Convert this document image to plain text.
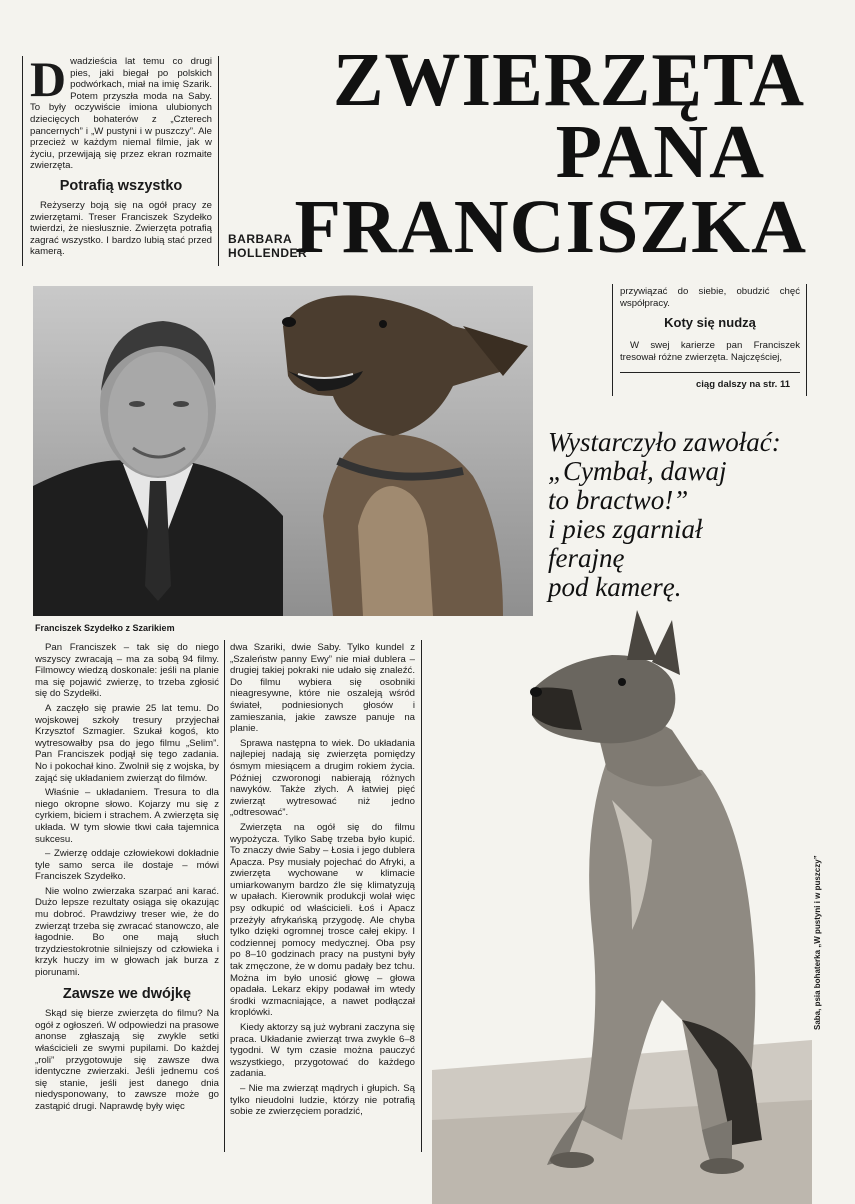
D wadzieścia lat temu co drugi pies, jaki biegał po polskich podwórkach, miał na imię Szarik. Potem przyszła moda na Saby. To były oczywiście imiona ulubionych dziecięcych bohaterów z „Czterech pancernych” i „W pustyni i w puszczy”. Ale przecież w każdym niemal filmie, jak w życiu, przewijają się przez ekran rozmaite zwierzęta.
Potrafią wszystko

Reżyserzy boją się na ogół pracy ze zwierzętami. Treser Franciszek Szydełko twierdzi, że niesłusznie. Zwierzęta potrafią zagrać wszystko. I bardzo lubią stać przed kamerą.

BARBARA
HOLLENDER
ZWIERZĘTA
PANA
FRANCISZKA
Franciszek Szydełko z Szarikiem
przywiązać do siebie, obudzić chęć współpracy.
Koty się nudzą
W swej karierze pan Franciszek tresował różne zwierzęta. Najczęściej,
ciąg dalszy na str. 11
Wystarczyło zawołać:
„Cymbał, dawaj
to bractwo!”
i pies zgarniał
ferajnę
pod kamerę.

Pan Franciszek – tak się do niego wszyscy zwracają – ma za sobą 94 filmy. Filmowcy wiedzą doskonale: jeśli na planie ma się pojawić zwierzę, to trzeba zgłosić się do Szydełki.

A zaczęło się prawie 25 lat temu. Do wojskowej szkoły tresury przyjechał Krzysztof Szmagier. Szukał kogoś, kto wytresowałby psa do jego filmu „Selim”. Pan Franciszek podjął się tego zadania. No i pokochał kino. Zwolnił się z wojska, by zająć się układaniem zwierząt do filmów.

Właśnie – układaniem. Tresura to dla niego okropne słowo. Kojarzy mu się z cyrkiem, biciem i strachem. A zwierzęta się układa. W tym słowie tkwi cała tajemnica sukcesu.

– Zwierzę oddaje człowiekowi dokładnie tyle samo serca ile dostaje – mówi Franciszek Szydełko.

Nie wolno zwierzaka szarpać ani karać. Dużo lepsze rezultaty osiąga się okazując mu dobroć. Prawdziwy treser wie, że do zwierząt trzeba się zwracać stanowczo, ale łagodnie. Bo one mają słuch trzydziestokrotnie silniejszy od człowieka i krzyk huczy im w głowach jak burza z piorunami.

Zawsze we dwójkę

Skąd się bierze zwierzęta do filmu? Na ogół z ogłoszeń. W odpowiedzi na prasowe anonse zgłaszają się zwykle setki właścicieli ze swymi pupilami. Do każdej „roli” przygotowuje się zawsze dwa identyczne zwierzaki. Jeśli jednemu coś się stanie, jeśli jest danego dnia niedysponowany, to zawsze może go zastąpić drugi. Naprawdę były więc

dwa Szariki, dwie Saby. Tylko kundel z „Szaleństw panny Ewy” nie miał dublera – drugiej takiej pokraki nie udało się znaleźć. Do filmu wybiera się osobniki nieagresywne, które nie oszaleją wśród świateł, podniesionych głosów i zamieszania, jakie zawsze panuje na planie.

Sprawa następna to wiek. Do układania najlepiej nadają się zwierzęta pomiędzy ósmym miesiącem a drugim rokiem życia. Później czworonogi nabierają różnych nawyków. Także złych. A łatwiej pięć zwierząt wytresować niż jedno „odtresować”.

Zwierzęta na ogół się do filmu wypożycza. Tylko Sabę trzeba było kupić. To znaczy dwie Saby – Łosia i jego dublera Apacza. Psy musiały pojechać do Afryki, a zwierzęta wychowane w klimacie umiarkowanym bardzo źle się klimatyzują w upałach. Kierownik produkcji wolał więc psy odkupić od właścicieli. Łoś i Apacz przeżyły afrykańską przygodę. Ale chyba tylko dzięki ogromnej trosce całej ekipy. I codziennej pomocy medycznej. Oba psy po 8–10 godzinach pracy na pustyni były tak zmęczone, że w domu padały bez tchu. Można im było unosić głowę – głowa opadała. Lekarz ekipy podawał im wtedy środki wzmacniające, a nawet podłączał kroplówki.

Kiedy aktorzy są już wybrani zaczyna się praca. Układanie zwierząt trwa zwykle 6–8 tygodni. W tym czasie można pauczyć wszystkiego, przygotować do każdego zadania.

– Nie ma zwierząt mądrych i głupich. Są tylko nieudolni ludzie, którzy nie potrafią sobie ze zwierzęciem poradzić,

Saba, psia bohaterka „W pustyni i w puszczy”
